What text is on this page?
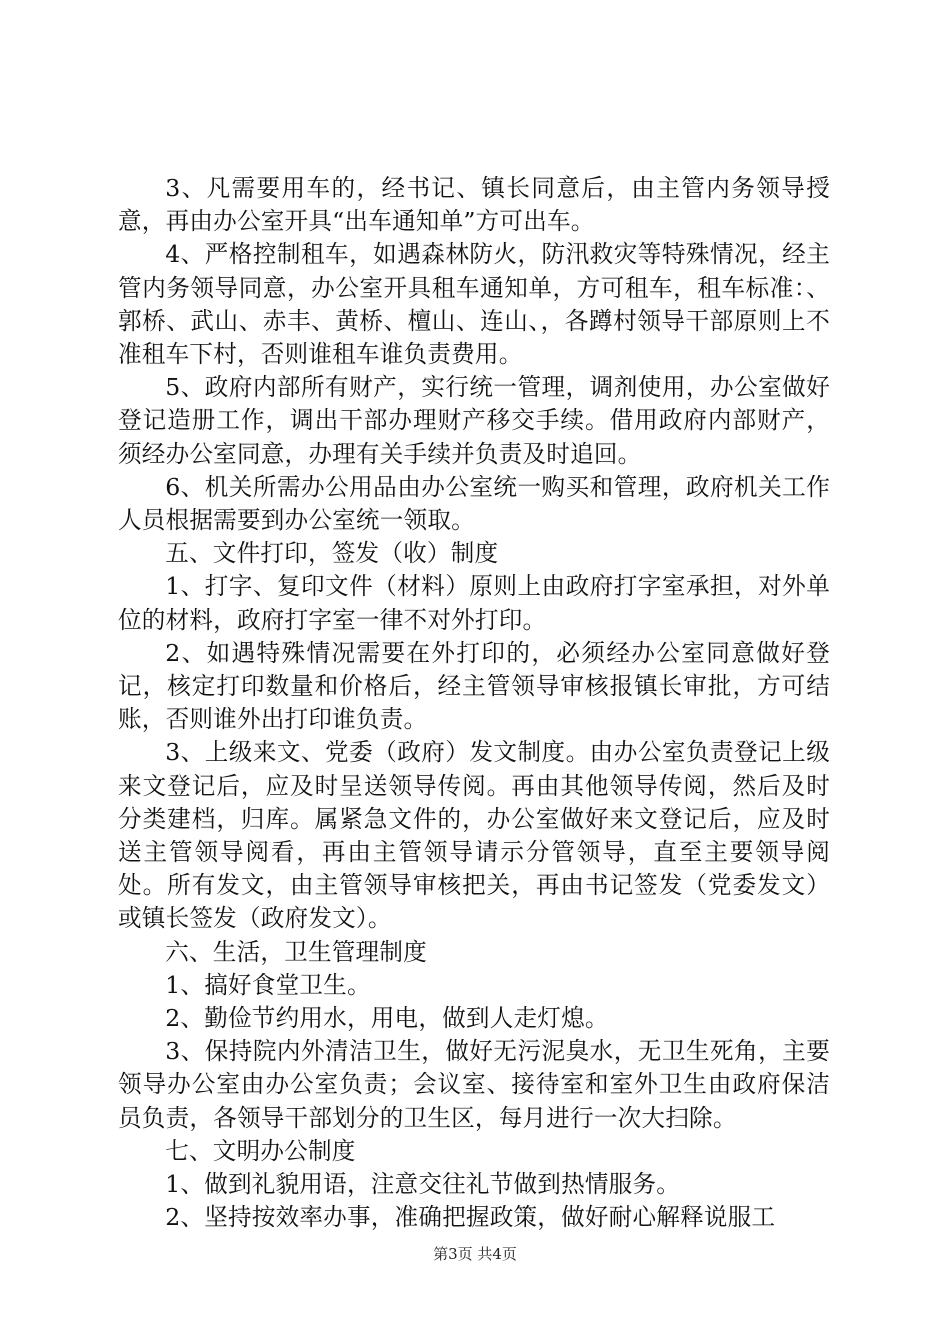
3、凡需要用车的，经书记、镇长同意后，由主管内务领导授意，再由办公室开具“出车通知单”方可出车。

4、严格控制租车，如遇森林防火，防汛救灾等特殊情况，经主管内务领导同意，办公室开具租车通知单，方可租车，租车标准：、郭桥、武山、赤丰、黄桥、檀山、连山、，各蹲村领导干部原则上不准租车下村，否则谁租车谁负责费用。

5、政府内部所有财产，实行统一管理，调剂使用，办公室做好登记造册工作，调出干部办理财产移交手续。借用政府内部财产，须经办公室同意，办理有关手续并负责及时追回。

6、机关所需办公用品由办公室统一购买和管理，政府机关工作人员根据需要到办公室统一领取。

五、文件打印，签发（收）制度

1、打字、复印文件（材料）原则上由政府打字室承担，对外单位的材料，政府打字室一律不对外打印。

2、如遇特殊情况需要在外打印的，必须经办公室同意做好登记，核定打印数量和价格后，经主管领导审核报镇长审批，方可结账，否则谁外出打印谁负责。

3、上级来文、党委（政府）发文制度。由办公室负责登记上级来文登记后，应及时呈送领导传阅。再由其他领导传阅，然后及时分类建档，归库。属紧急文件的，办公室做好来文登记后，应及时送主管领导阅看，再由主管领导请示分管领导，直至主要领导阅处。所有发文，由主管领导审核把关，再由书记签发（党委发文）或镇长签发（政府发文）。

六、生活，卫生管理制度

1、搞好食堂卫生。

2、勤俭节约用水，用电，做到人走灯熄。

3、保持院内外清洁卫生，做好无污泥臭水，无卫生死角，主要领导办公室由办公室负责；会议室、接待室和室外卫生由政府保洁员负责，各领导干部划分的卫生区，每月进行一次大扫除。

七、文明办公制度

1、做到礼貌用语，注意交往礼节做到热情服务。

2、坚持按效率办事，准确把握政策，做好耐心解释说服工

第3页 共4页
